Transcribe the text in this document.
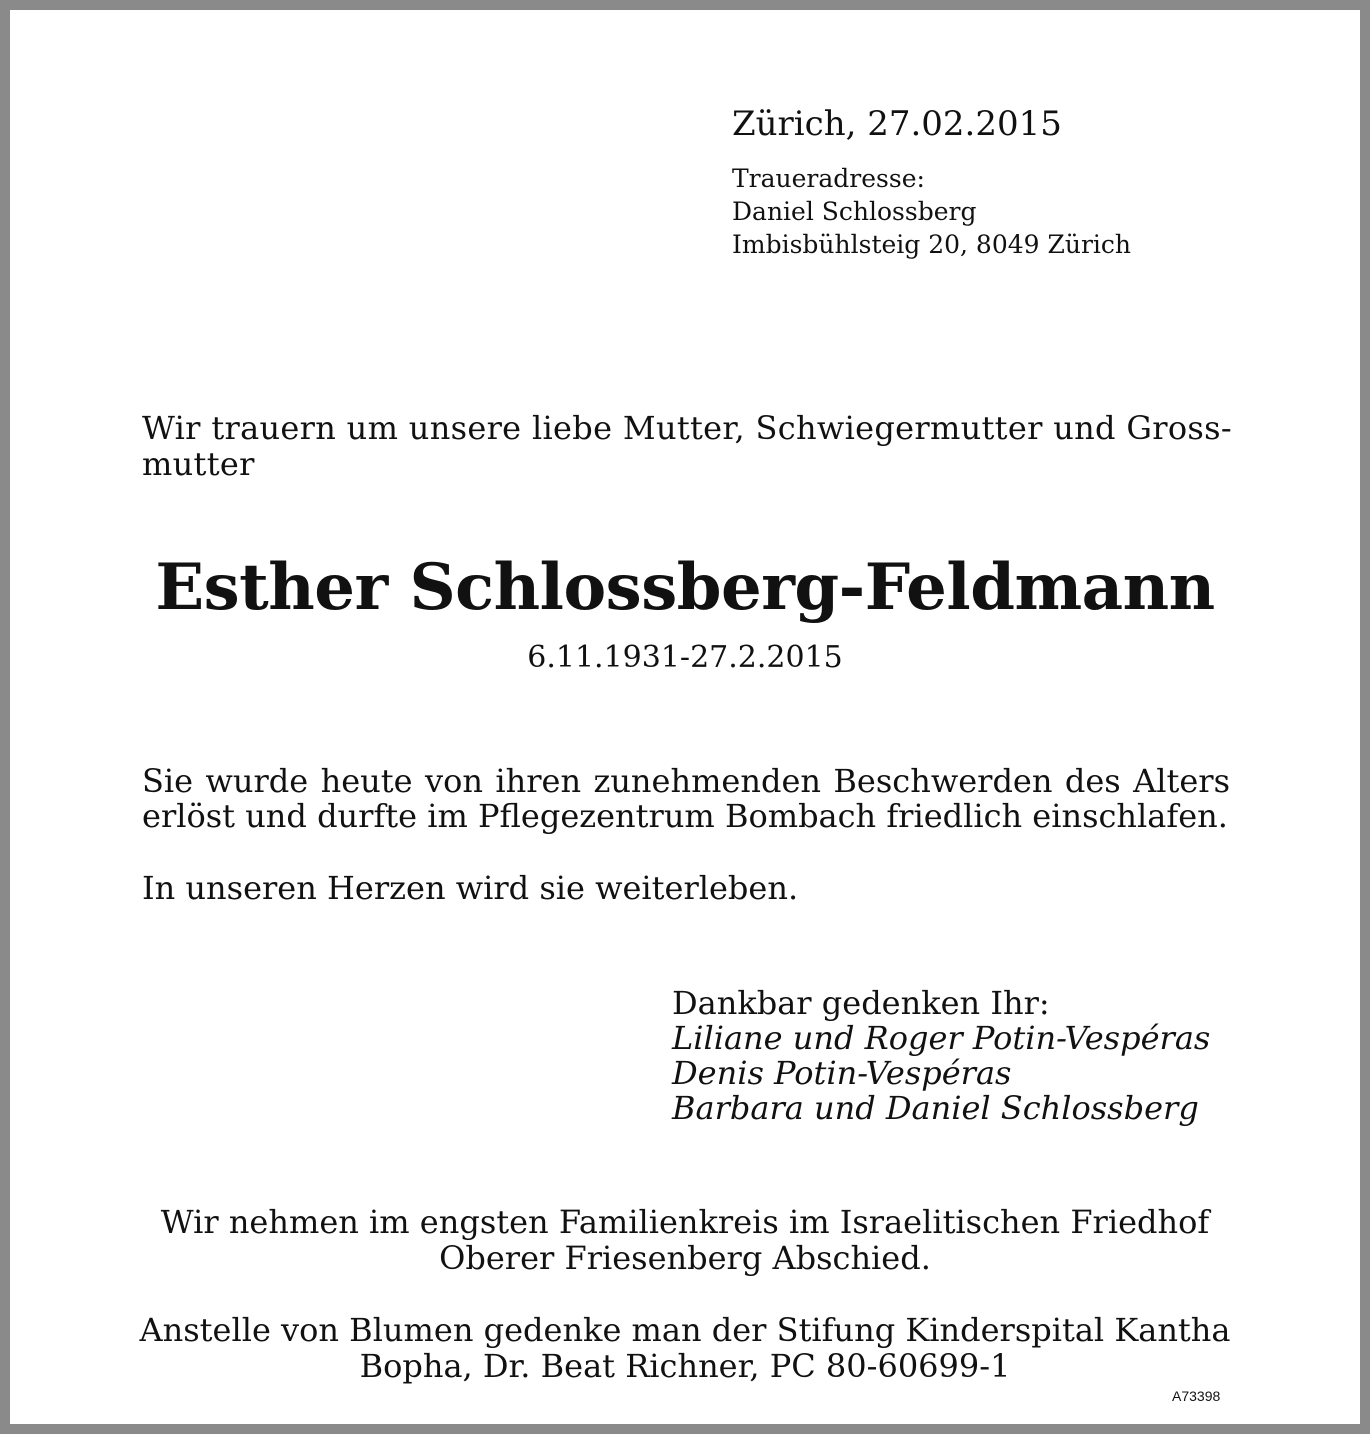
Zürich, 27.02.2015
Traueradresse:
Daniel Schlossberg
Imbisbühlsteig 20, 8049 Zürich
Wir trauern um unsere liebe Mutter, Schwiegermutter und Gross-
mutter
Esther Schlossberg-Feldmann
6.11.1931-27.2.2015
Sie wurde heute von ihren zunehmenden Beschwerden des Alters
erlöst und durfte im Pflegezentrum Bombach friedlich einschlafen.
In unseren Herzen wird sie weiterleben.
Dankbar gedenken Ihr:
Liliane und Roger Potin-Vespéras
Denis Potin-Vespéras
Barbara und Daniel Schlossberg
Wir nehmen im engsten Familienkreis im Israelitischen Friedhof
Oberer Friesenberg Abschied.
Anstelle von Blumen gedenke man der Stifung Kinderspital Kantha
Bopha, Dr. Beat Richner, PC 80-60699-1
A73398
